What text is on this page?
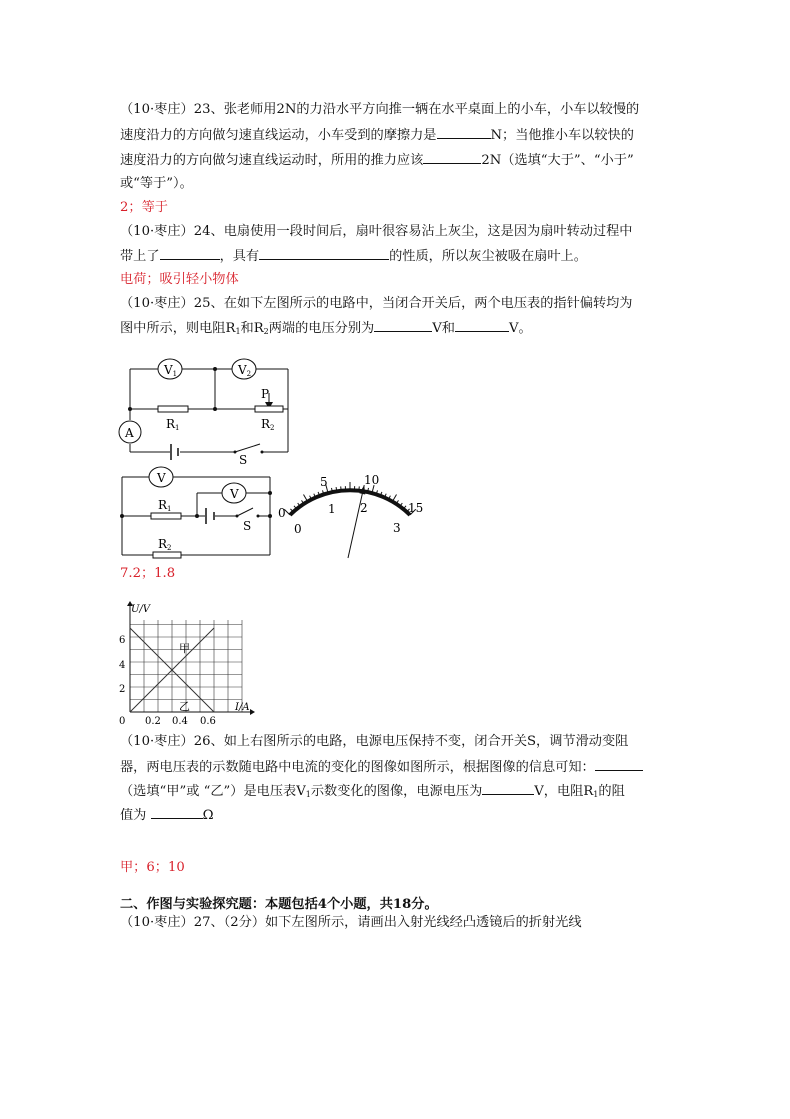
（10·枣庄）23、张老师用2N的力沿水平方向推一辆在水平桌面上的小车，小车以较慢的
速度沿力的方向做匀速直线运动，小车受到的摩擦力是	N；当他推小车以较快的
速度沿力的方向做匀速直线运动时，所用的推力应该	2N（选填“大于”、“小于”
或“等于”）。
2；等于
（10·枣庄）24、电扇使用一段时间后，扇叶很容易沾上灰尘，这是因为扇叶转动过程中
带上了	，具有	的性质，所以灰尘被吸在扇叶上。
电荷；吸引轻小物体
（10·枣庄）25、在如下左图所示的电路中，当闭合开关后，两个电压表的指针偏转均为
图中所示，则电阻$R_1$和$R_2$两端的电压分别为	V和	V。
V1	V2
R1	R2
P
A
S
V
V
R1
R2
S
0
5	10
15
0
1 2
3
7.2；1.8
U/V
I/A
2
4
6
0 0.2 0.4 0.6
甲
乙
（10·枣庄）26、如上右图所示的电路，电源电压保持不变，闭合开关S，调节滑动变阻
器，两电压表的示数随电路中电流的变化的图像如图所示，根据图像的信息可知：
（选填“甲”或 “乙”）是电压表$V_1$示数变化的图像，电源电压为	V，电阻$R_1$的阻
值为	Ω
甲；6；10
二、作图与实验探究题：本题包括4个小题，共18分。
（10·枣庄）27、（2分）如下左图所示，请画出入射光线经凸透镜后的折射光线
